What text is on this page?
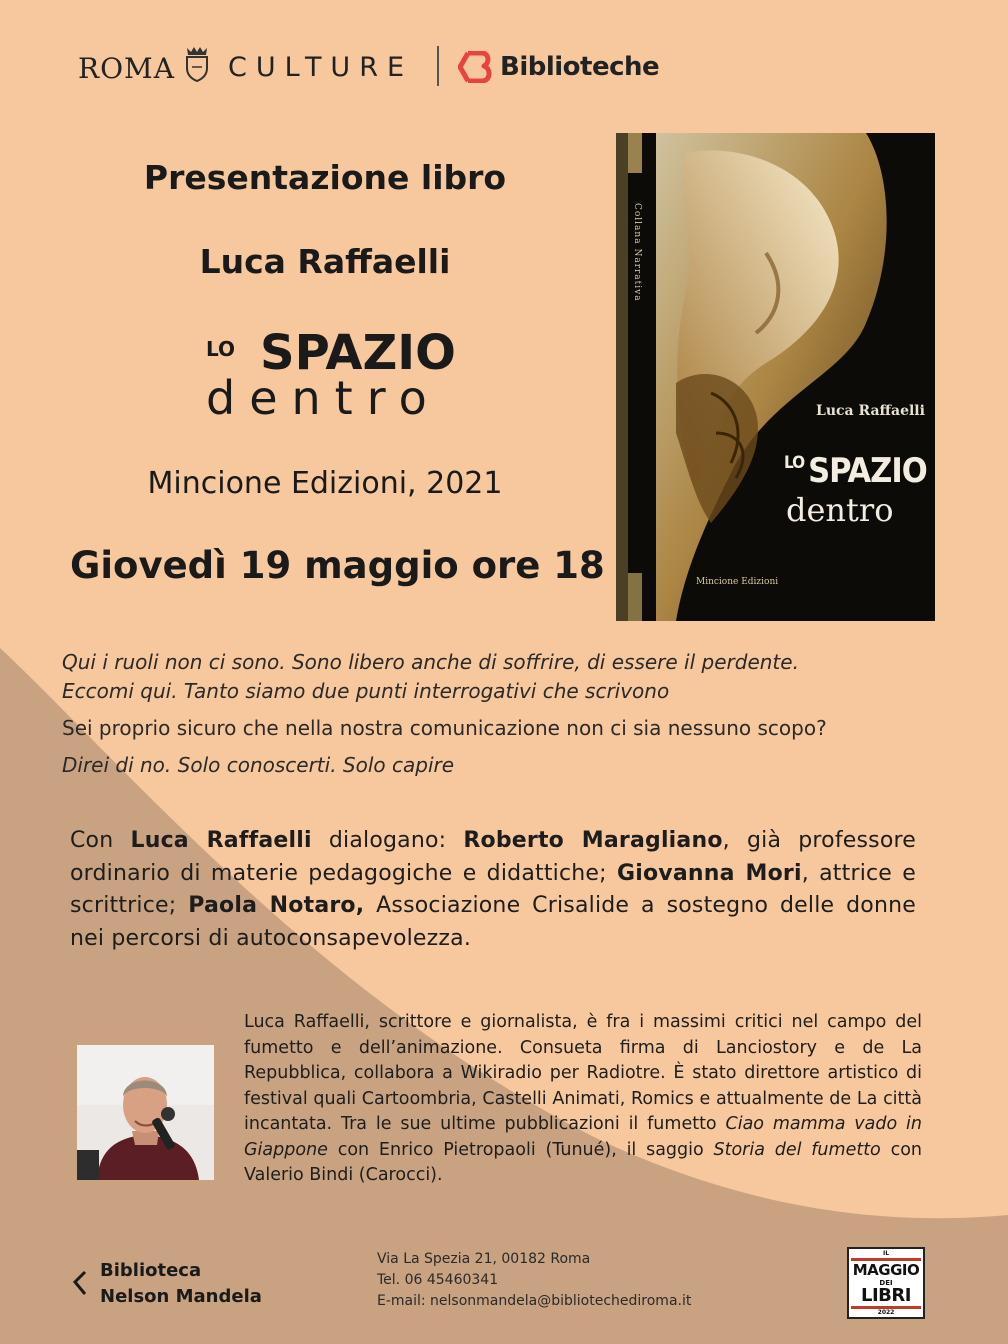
ROMA CULTURE	Biblioteche
Presentazione libro
Luca Raffaelli
LO SPAZIO
dentro
Mincione Edizioni, 2021
Giovedì 19 maggio ore 18
Collana Narrativa
Luca Raffaelli
$^{LO}$ SPAZIO
dentro
Mincione Edizioni
Qui i ruoli non ci sono. Sono libero anche di soffrire, di essere il perdente.
Eccomi qui. Tanto siamo due punti interrogativi che scrivono
Sei proprio sicuro che nella nostra comunicazione non ci sia nessuno scopo?
Direi di no. Solo conoscerti. Solo capire
Con Luca Raffaelli dialogano: Roberto Maragliano, già professore ordinario di materie pedagogiche e didattiche; Giovanna Mori, attrice e scrittrice; Paola Notaro, Associazione Crisalide a sostegno delle donne nei percorsi di autoconsapevolezza.
Luca Raffaelli, scrittore e giornalista, è fra i massimi critici nel campo del fumetto e dell’animazione. Consueta firma di Lanciostory e de La Repubblica, collabora a Wikiradio per Radiotre. È stato direttore artistico di festival quali Cartoombria, Castelli Animati, Romics e attualmente de La città incantata. Tra le sue ultime pubblicazioni il fumetto Ciao mamma vado in Giappone con Enrico Pietropaoli (Tunué), il saggio Storia del fumetto con Valerio Bindi (Carocci).
Biblioteca
Nelson Mandela
Via La Spezia 21, 00182 Roma
Tel. 06 45460341
E-mail: nelsonmandela@bibliotechediroma.it
IL
MAGGIO
DEI
LIBRI
2022
